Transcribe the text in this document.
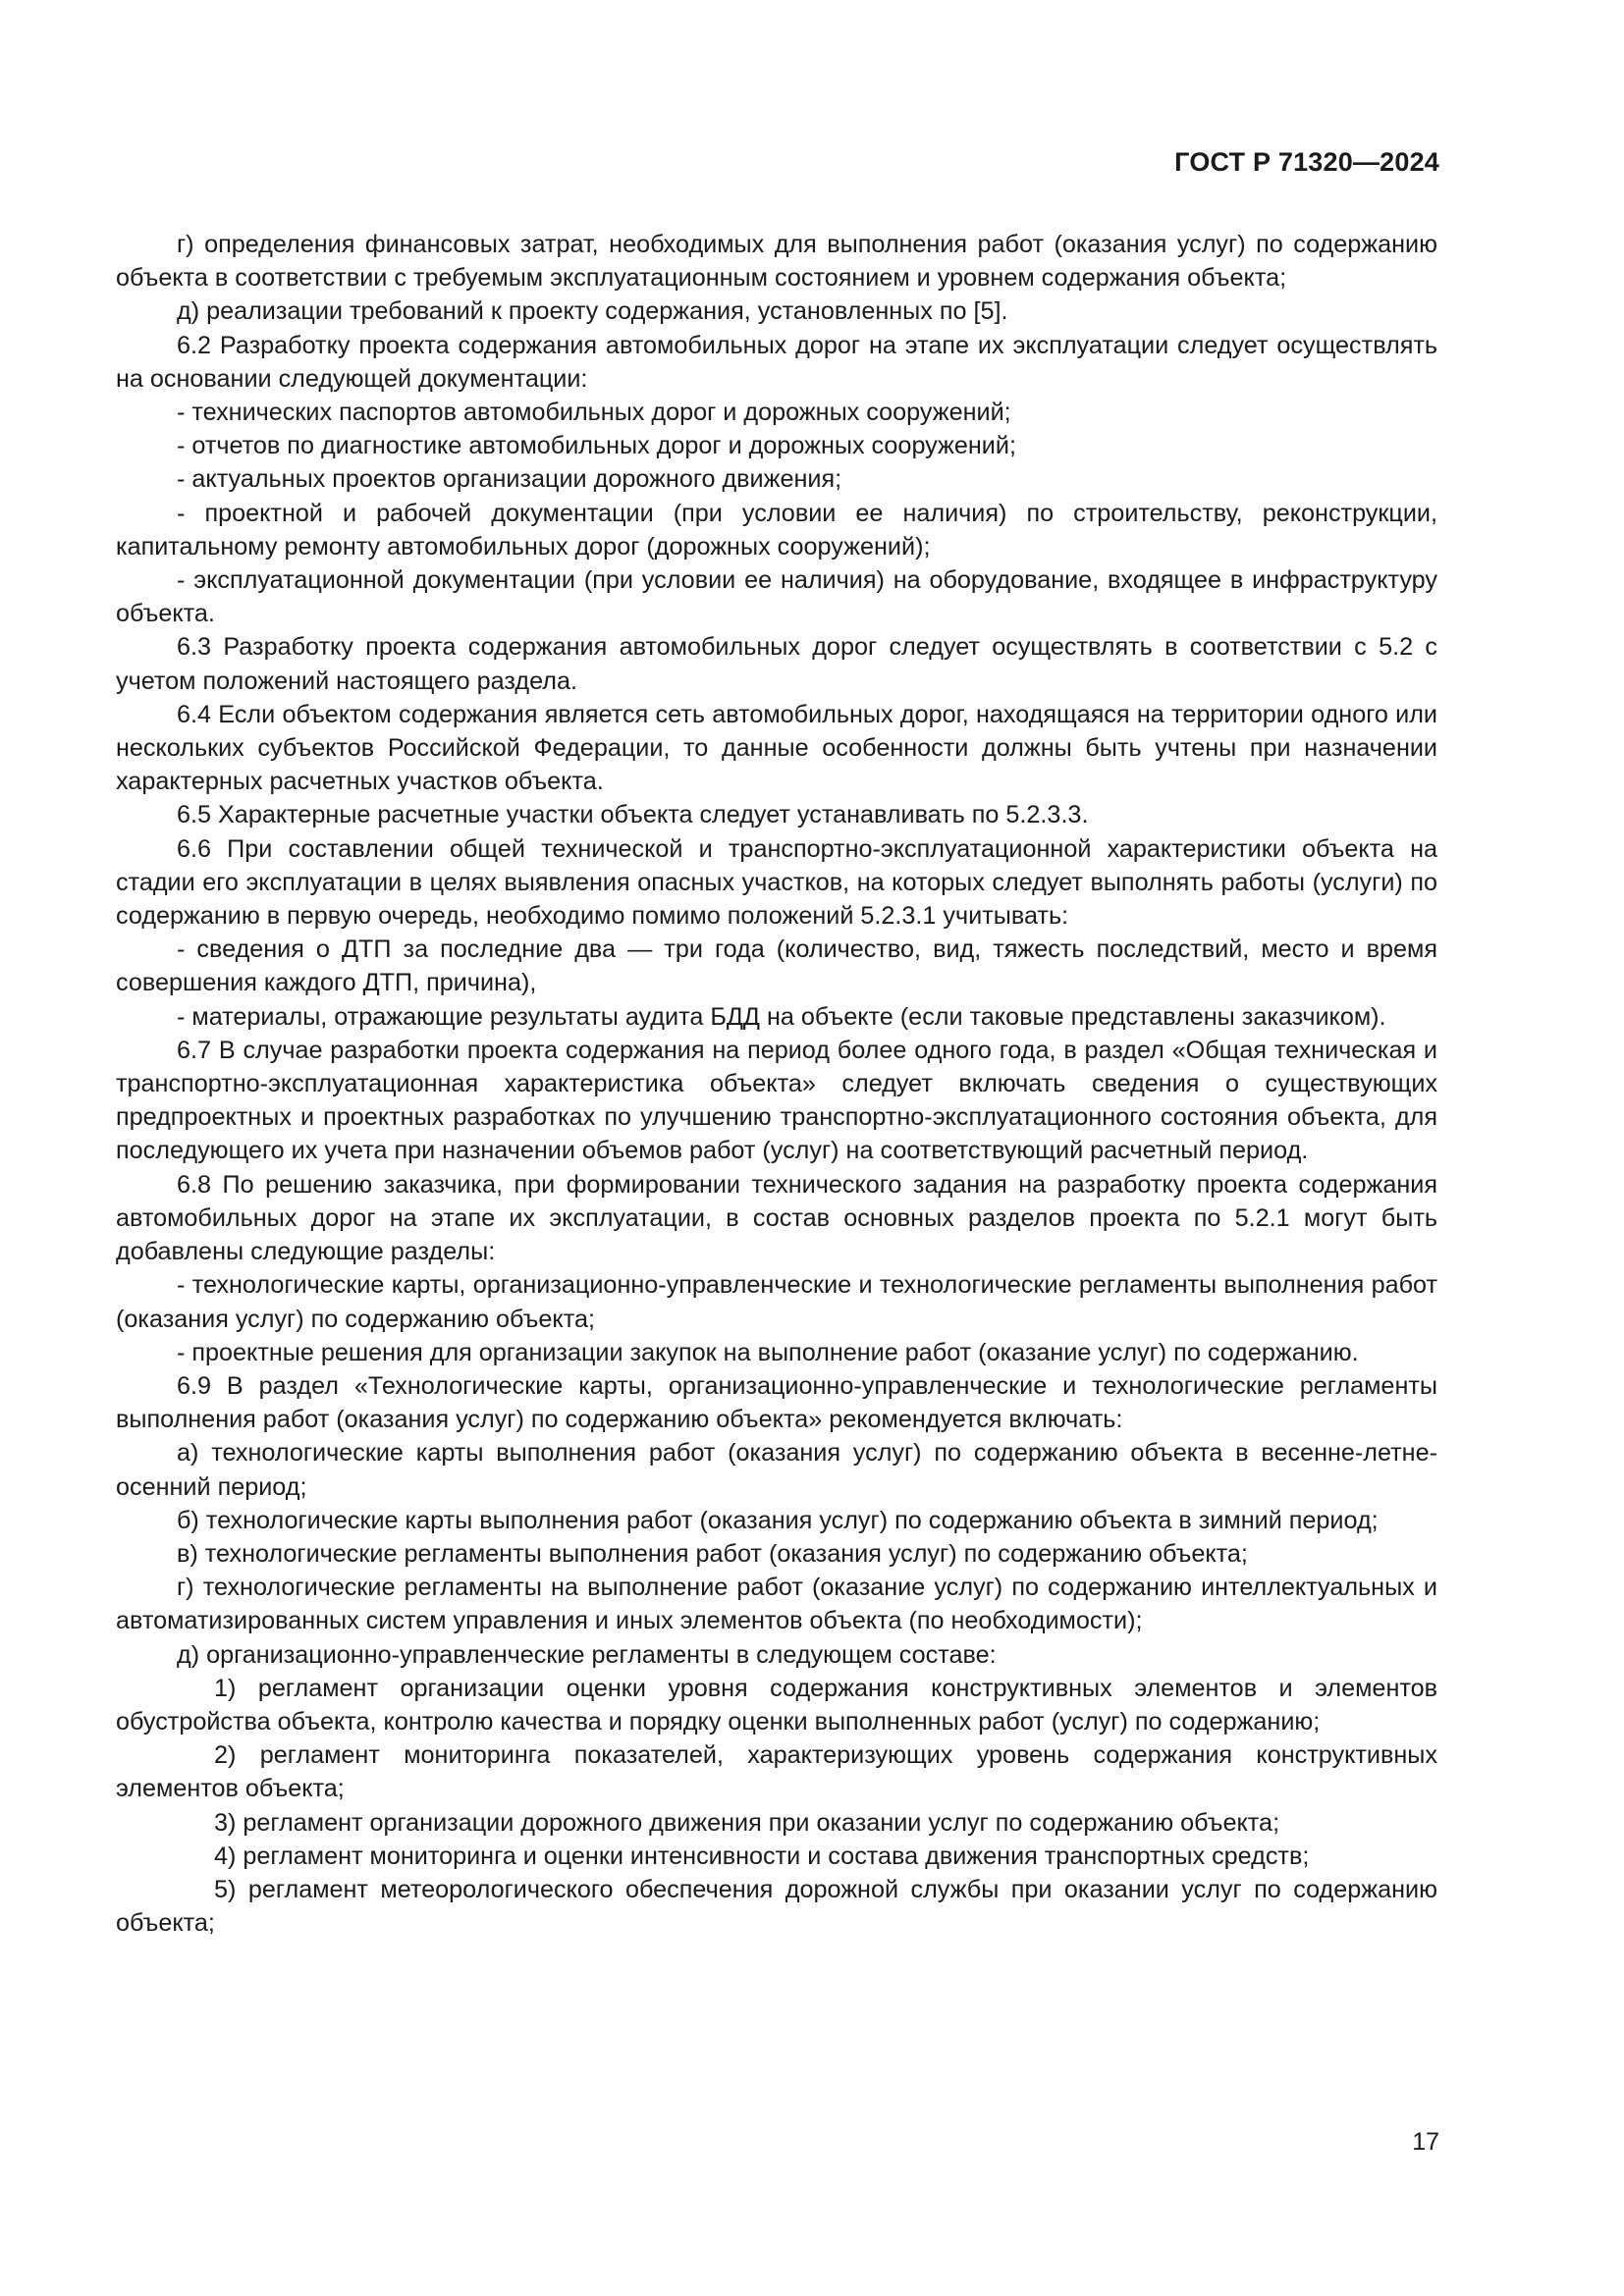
ГОСТ Р 71320—2024

г) определения финансовых затрат, необходимых для выполнения работ (оказания услуг) по содержанию объекта в соответствии с требуемым эксплуатационным состоянием и уровнем содержания объекта;

д) реализации требований к проекту содержания, установленных по [5].

6.2 Разработку проекта содержания автомобильных дорог на этапе их эксплуатации следует осуществлять на основании следующей документации:

- технических паспортов автомобильных дорог и дорожных сооружений;

- отчетов по диагностике автомобильных дорог и дорожных сооружений;

- актуальных проектов организации дорожного движения;

- проектной и рабочей документации (при условии ее наличия) по строительству, реконструкции, капитальному ремонту автомобильных дорог (дорожных сооружений);

- эксплуатационной документации (при условии ее наличия) на оборудование, входящее в инфраструктуру объекта.

6.3 Разработку проекта содержания автомобильных дорог следует осуществлять в соответствии с 5.2 с учетом положений настоящего раздела.

6.4 Если объектом содержания является сеть автомобильных дорог, находящаяся на территории одного или нескольких субъектов Российской Федерации, то данные особенности должны быть учтены при назначении характерных расчетных участков объекта.

6.5 Характерные расчетные участки объекта следует устанавливать по 5.2.3.3.

6.6 При составлении общей технической и транспортно-эксплуатационной характеристики объекта на стадии его эксплуатации в целях выявления опасных участков, на которых следует выполнять работы (услуги) по содержанию в первую очередь, необходимо помимо положений 5.2.3.1 учитывать:

- сведения о ДТП за последние два — три года (количество, вид, тяжесть последствий, место и время совершения каждого ДТП, причина),

- материалы, отражающие результаты аудита БДД на объекте (если таковые представлены заказчиком).

6.7 В случае разработки проекта содержания на период более одного года, в раздел «Общая техническая и транспортно-эксплуатационная характеристика объекта» следует включать сведения о существующих предпроектных и проектных разработках по улучшению транспортно-эксплуатационного состояния объекта, для последующего их учета при назначении объемов работ (услуг) на соответствующий расчетный период.

6.8 По решению заказчика, при формировании технического задания на разработку проекта содержания автомобильных дорог на этапе их эксплуатации, в состав основных разделов проекта по 5.2.1 могут быть добавлены следующие разделы:

- технологические карты, организационно-управленческие и технологические регламенты выполнения работ (оказания услуг) по содержанию объекта;

- проектные решения для организации закупок на выполнение работ (оказание услуг) по содержанию.

6.9 В раздел «Технологические карты, организационно-управленческие и технологические регламенты выполнения работ (оказания услуг) по содержанию объекта» рекомендуется включать:

а) технологические карты выполнения работ (оказания услуг) по содержанию объекта в весенне-летне-осенний период;

б) технологические карты выполнения работ (оказания услуг) по содержанию объекта в зимний период;

в) технологические регламенты выполнения работ (оказания услуг) по содержанию объекта;

г) технологические регламенты на выполнение работ (оказание услуг) по содержанию интеллектуальных и автоматизированных систем управления и иных элементов объекта (по необходимости);

д) организационно-управленческие регламенты в следующем составе:

1) регламент организации оценки уровня содержания конструктивных элементов и элементов обустройства объекта, контролю качества и порядку оценки выполненных работ (услуг) по содержанию;

2) регламент мониторинга показателей, характеризующих уровень содержания конструктивных элементов объекта;

3) регламент организации дорожного движения при оказании услуг по содержанию объекта;

4) регламент мониторинга и оценки интенсивности и состава движения транспортных средств;

5) регламент метеорологического обеспечения дорожной службы при оказании услуг по содержанию объекта;

17
